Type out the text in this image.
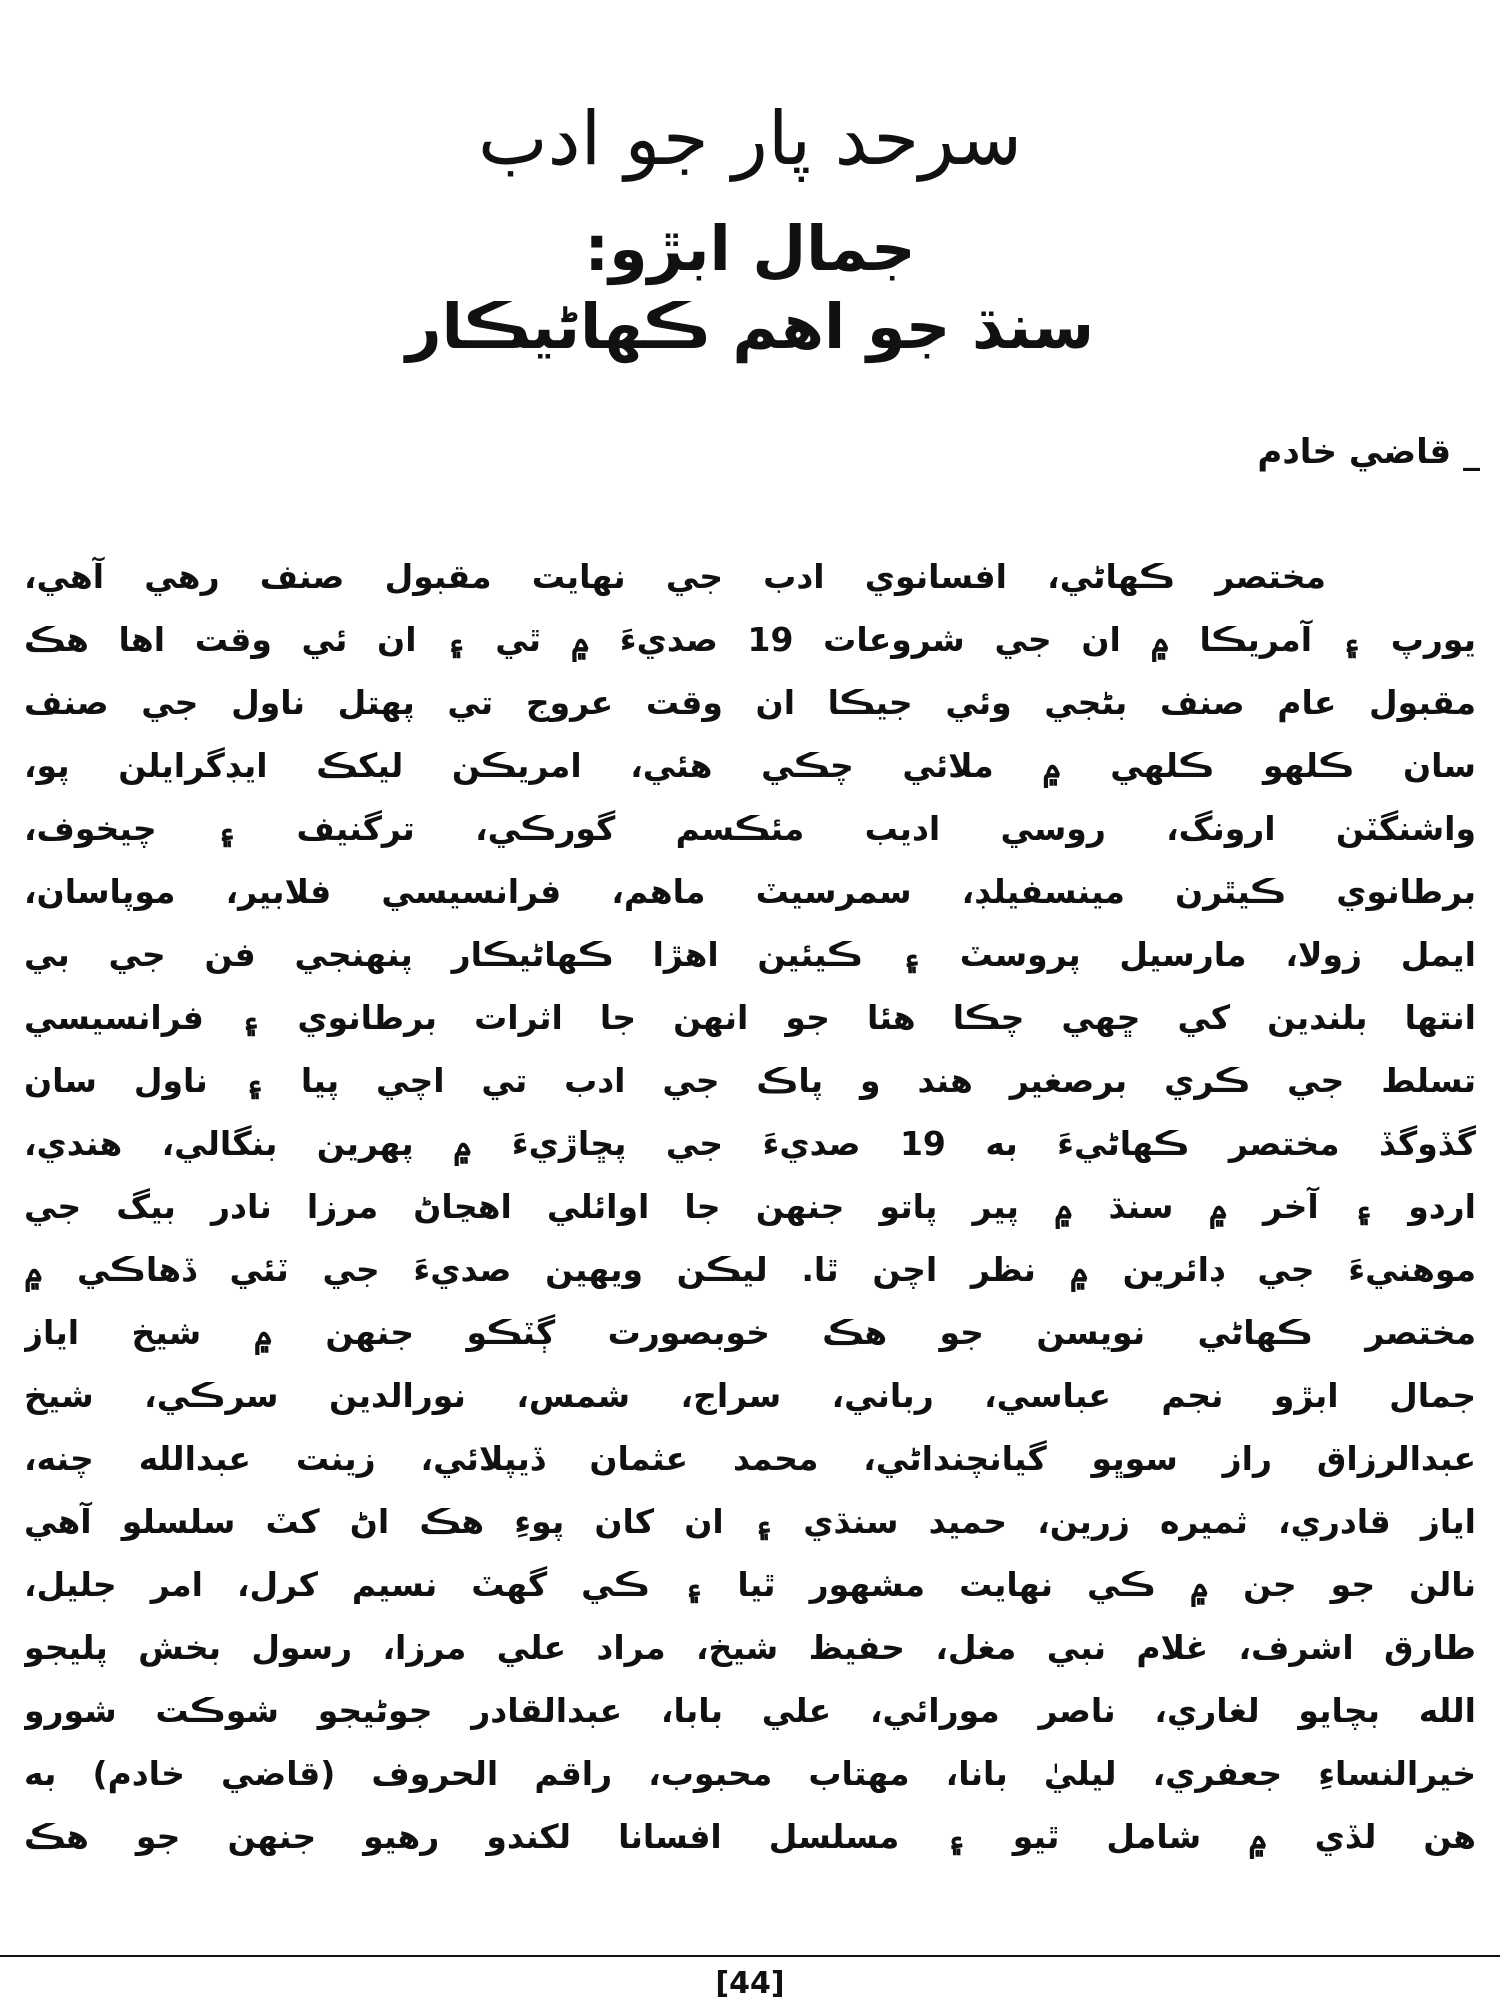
سرحد پار جو ادب
جمال ابڙو:
سنڌ جو اهم ڪهاڻيڪار
_ قاضي خادم
مختصر ڪهاڻي، افسانوي ادب جي نهايت مقبول صنف رهي آهي،
يورپ ۽ آمريڪا ۾ ان جي شروعات 19 صديءَ ۾ ٿي ۽ ان ئي وقت اها هڪ
مقبول عام صنف بڻجي وئي جيڪا ان وقت عروج تي پهتل ناول جي صنف
سان ڪلهو ڪلهي ۾ ملائي چڪي هئي، امريڪن ليکڪ ايڊگرايلن پو،
واشنگٽن ارونگ، روسي اديب مئڪسم گورڪي، ترگنيف ۽ چيخوف،
برطانوي ڪيٿرن مينسفيلڊ، سمرسيٽ ماهم، فرانسيسي فلابير، موپاسان،
ايمل زولا، مارسيل پروسٽ ۽ ڪيئين اهڙا ڪهاڻيڪار پنهنجي فن جي بي
انتها بلندين کي ڇهي چڪا هئا جو انهن جا اثرات برطانوي ۽ فرانسيسي
تسلط جي ڪري برصغير هند و پاڪ جي ادب تي اچي پيا ۽ ناول سان
گڏوگڏ مختصر ڪهاڻيءَ به 19 صديءَ جي پڇاڙيءَ ۾ پهرين بنگالي، هندي،
اردو ۽ آخر ۾ سنڌ ۾ پير پاتو جنهن جا اوائلي اهڃاڻ مرزا نادر بيگ جي
موهنيءَ جي ڊائرين ۾ نظر اچن ٿا. ليڪن ويهين صديءَ جي ٽئي ڏهاڪي ۾
مختصر ڪهاڻي نويسن جو هڪ خوبصورت ڳٽڪو جنهن ۾ شيخ اياز
جمال ابڙو نجم عباسي، رباني، سراج، شمس، نورالدين سرڪي، شيخ
عبدالرزاق راز سوڀو گيانچنداڻي، محمد عثمان ڏيپلائي، زينت عبدالله چنه،
اياز قادري، ثميره زرين، حميد سنڌي ۽ ان کان پوءِ هڪ اڻ کٽ سلسلو آهي
نالن جو جن ۾ ڪي نهايت مشهور ٿيا ۽ ڪي گهٽ نسيم کرل، امر جليل،
طارق اشرف، غلام نبي مغل، حفيظ شيخ، مراد علي مرزا، رسول بخش پليجو
الله بچايو لغاري، ناصر مورائي، علي بابا، عبدالقادر جوڻيجو شوڪت شورو
خيرالنساءِ جعفري، ليليٰ بانا، مهتاب محبوب، راقم الحروف (قاضي خادم) به
هن لڏي ۾ شامل ٿيو ۽ مسلسل افسانا لکندو رهيو جنهن جو هڪ
[44]
